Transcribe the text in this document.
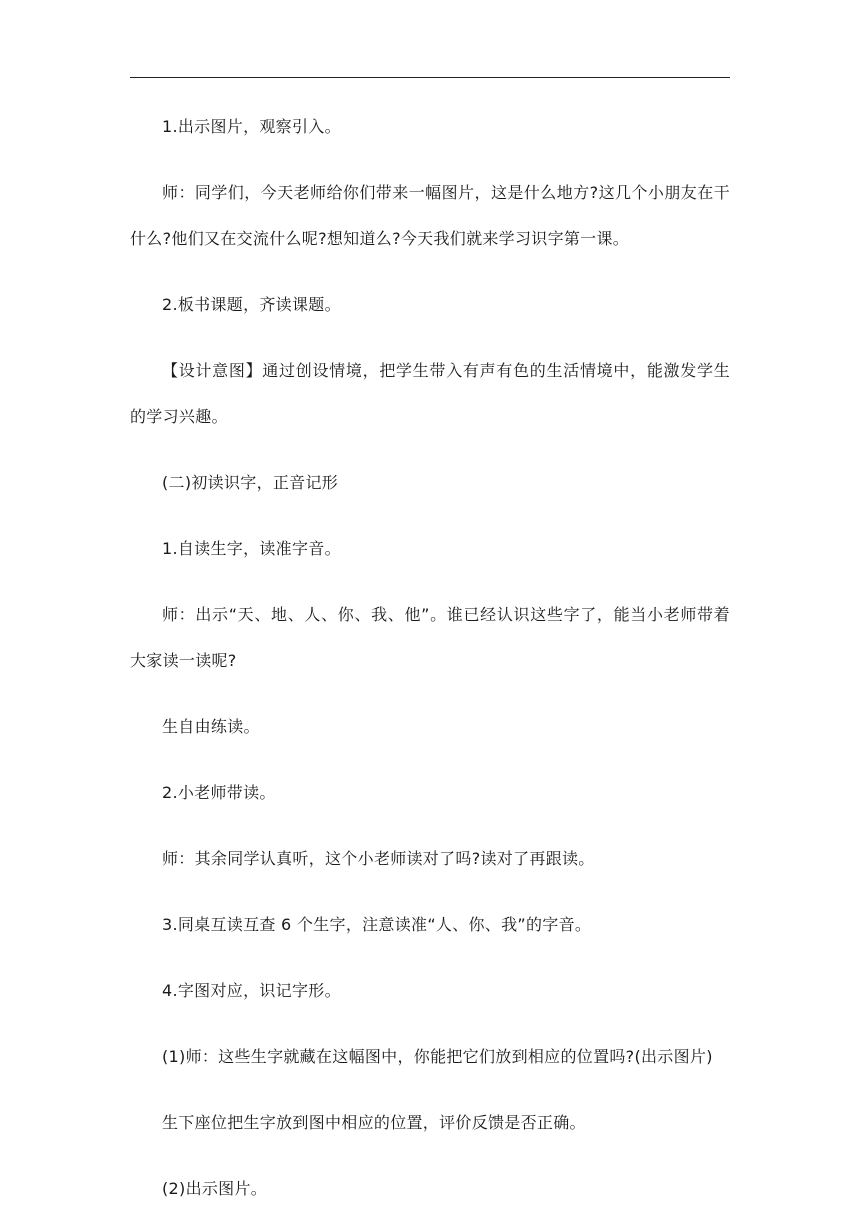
1.出示图片，观察引入。

师：同学们，今天老师给你们带来一幅图片，这是什么地方?这几个小朋友在干什么?他们又在交流什么呢?想知道么?今天我们就来学习识字第一课。

2.板书课题，齐读课题。

【设计意图】通过创设情境，把学生带入有声有色的生活情境中，能激发学生的学习兴趣。

(二)初读识字，正音记形

1.自读生字，读准字音。

师：出示“天、地、人、你、我、他”。谁已经认识这些字了，能当小老师带着大家读一读呢?

生自由练读。

2.小老师带读。

师：其余同学认真听，这个小老师读对了吗?读对了再跟读。

3.同桌互读互查 6 个生字，注意读准“人、你、我”的字音。

4.字图对应，识记字形。

(1)师：这些生字就藏在这幅图中，你能把它们放到相应的位置吗?(出示图片)

生下座位把生字放到图中相应的位置，评价反馈是否正确。

(2)出示图片。
